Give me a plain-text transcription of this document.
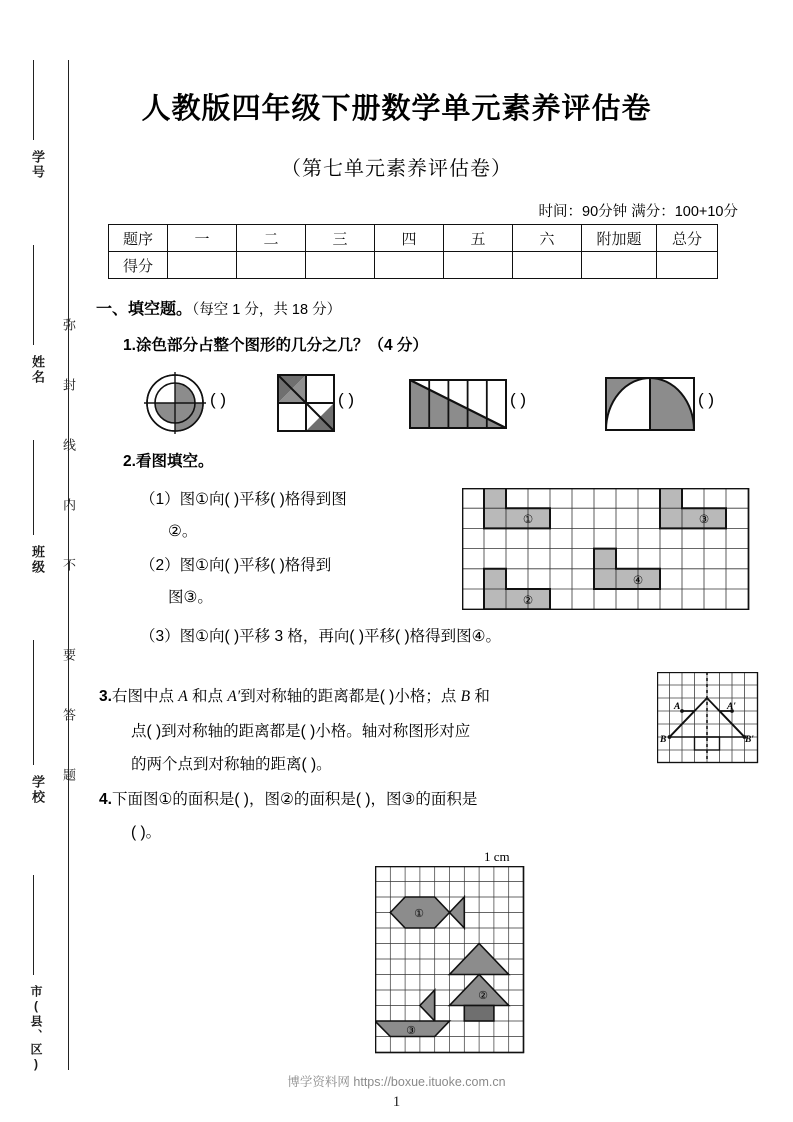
学号
姓名
班级
学校
市(县、区)
弥
封
线
内
不
要
答
题
人教版四年级下册数学单元素养评估卷
（第七单元素养评估卷）
时间：90分钟 满分：100+10分
题序	一	二	三	四	五	六	附加题	总分
得分								
一、填空题。（每空 1 分，共 18 分）
1.涂色部分占整个图形的几分之几？（4 分）
( )	( )	( )	( )
2.看图填空。
（1）图①向( )平移( )格得到图
②。
（2）图①向( )平移( )格得到
图③。
（3）图①向( )平移 3 格，再向( )平移( )格得到图④。
①
②
③
④
3.右图中点 A 和点 A′到对称轴的距离都是( )小格；点 B 和
点( )到对称轴的距离都是( )小格。轴对称图形对应
的两个点到对称轴的距离( )。
A	A′
B	B′
4.下面图①的面积是( )，图②的面积是( )，图③的面积是
( )。
1 cm
①
②
③
博学资料网 https://boxue.ituoke.com.cn
1
